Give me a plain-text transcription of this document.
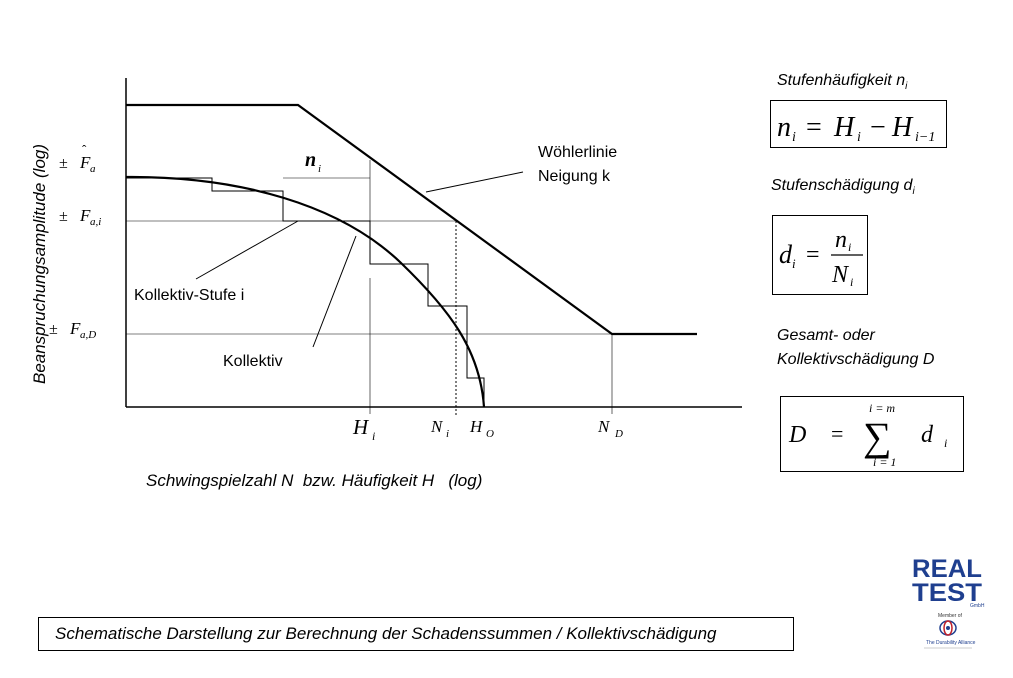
Beanspruchungsamplitude (log)
Schwingspielzahl N  bzw. Häufigkeit H   (log)
± F
ˆ
a
± F a,i
± F a,D
H i	N i H O	N D
n i
Wöhlerlinie
Neigung k
Kollektiv-Stufe i
Kollektiv
Stufenhäufigkeit $n_i$
n i = H i − H i−1
Stufenschädigung $d_i$
d i =
n i
N i
Gesamt- oder
Kollektivschädigung D
D =
i = m
∑
i = 1
d i
REAL
TEST
GmbH
Member of
The Durability Alliance
Schematische Darstellung zur Berechnung der Schadenssummen / Kollektivschädigung
